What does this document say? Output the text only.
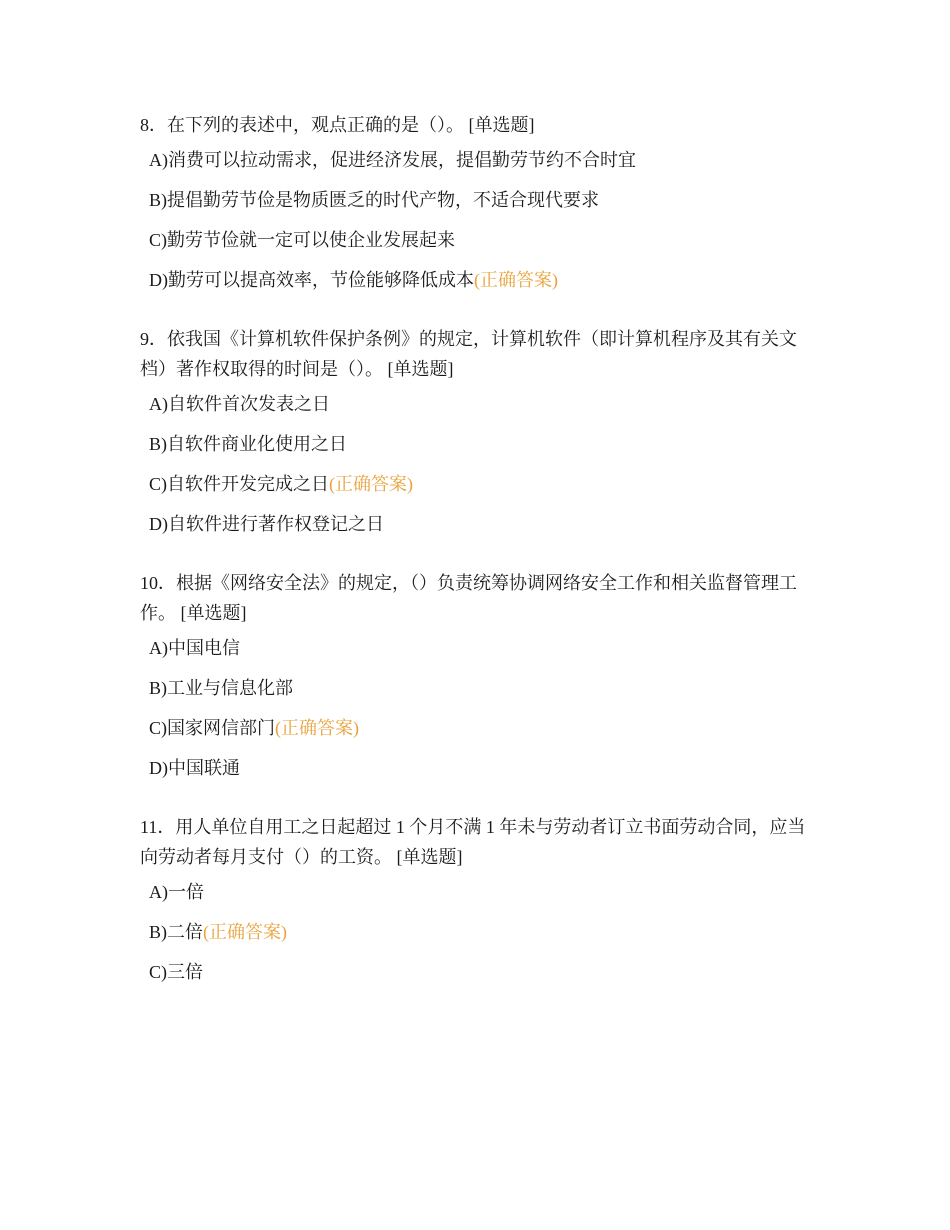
8．在下列的表述中，观点正确的是（）。 [单选题]

A)消费可以拉动需求，促进经济发展，提倡勤劳节约不合时宜
B)提倡勤劳节俭是物质匮乏的时代产物，不适合现代要求
C)勤劳节俭就一定可以使企业发展起来
D)勤劳可以提高效率，节俭能够降低成本(正确答案)

9．依我国《计算机软件保护条例》的规定，计算机软件（即计算机程序及其有关文档）著作权取得的时间是（）。 [单选题]

A)自软件首次发表之日
B)自软件商业化使用之日
C)自软件开发完成之日(正确答案)
D)自软件进行著作权登记之日

10．根据《网络安全法》的规定，（）负责统筹协调网络安全工作和相关监督管理工作。 [单选题]

A)中国电信
B)工业与信息化部
C)国家网信部门(正确答案)
D)中国联通

11．用人单位自用工之日起超过 1 个月不满 1 年未与劳动者订立书面劳动合同，应当向劳动者每月支付（）的工资。 [单选题]

A)一倍
B)二倍(正确答案)
C)三倍
